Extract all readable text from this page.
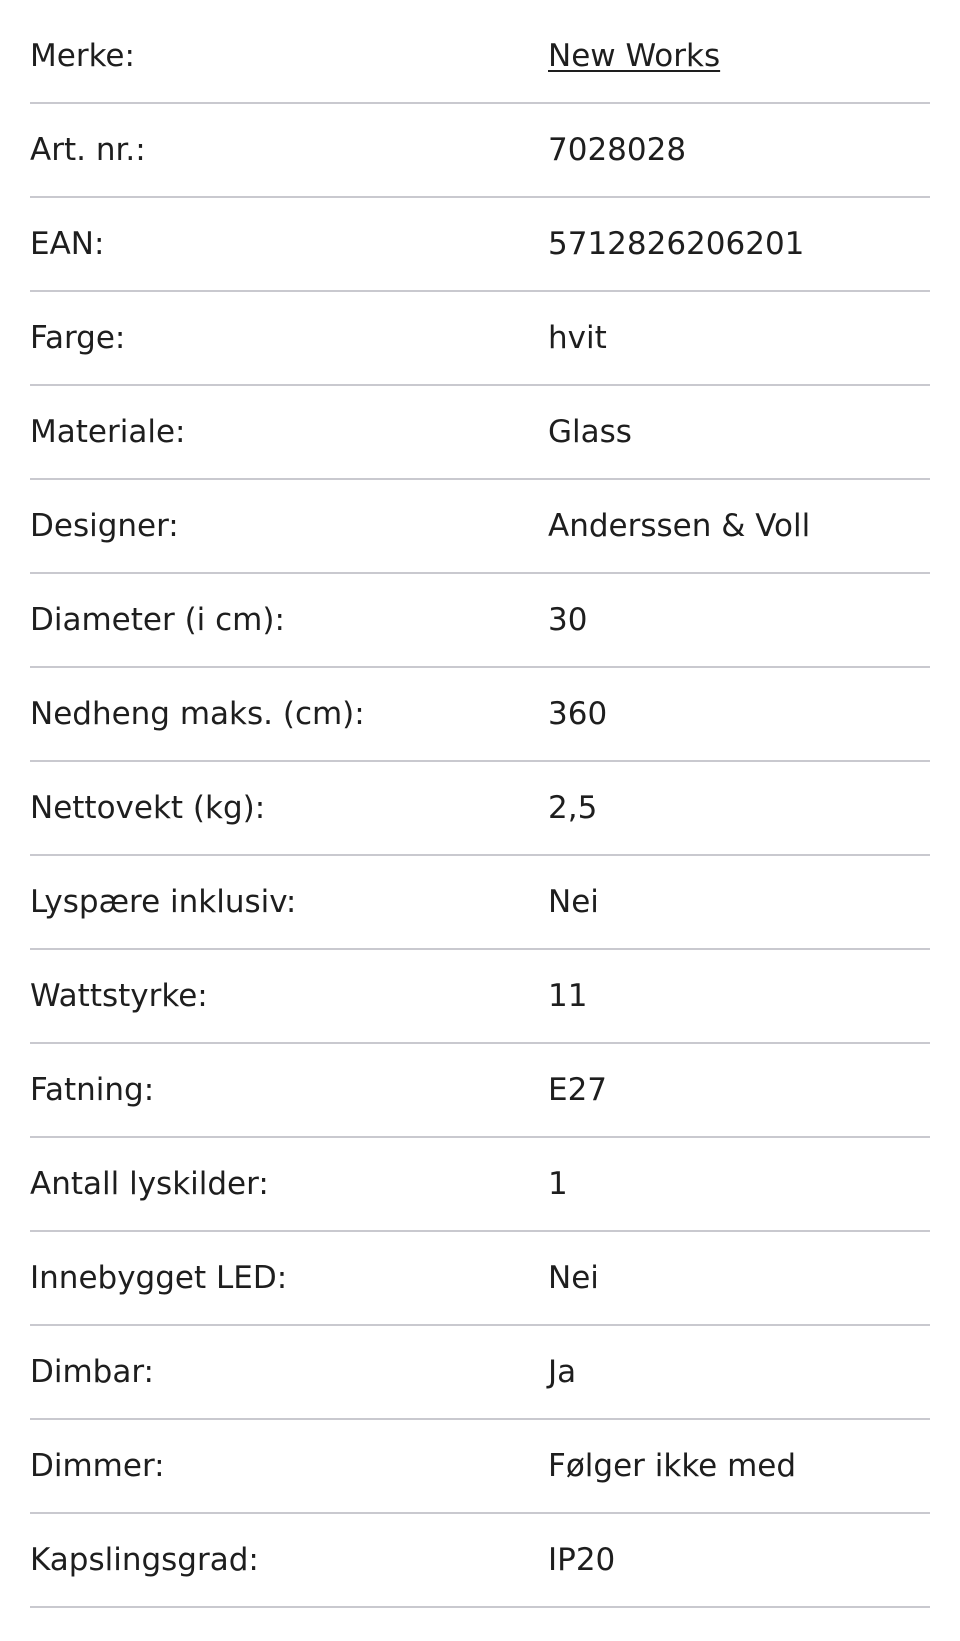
Merke:	New Works
Art. nr.:	7028028
EAN:	5712826206201
Farge:	hvit
Materiale:	Glass
Designer:	Anderssen & Voll
Diameter (i cm):	30
Nedheng maks. (cm):	360
Nettovekt (kg):	2,5
Lyspære inklusiv:	Nei
Wattstyrke:	11
Fatning:	E27
Antall lyskilder:	1
Innebygget LED:	Nei
Dimbar:	Ja
Dimmer:	Følger ikke med
Kapslingsgrad:	IP20
